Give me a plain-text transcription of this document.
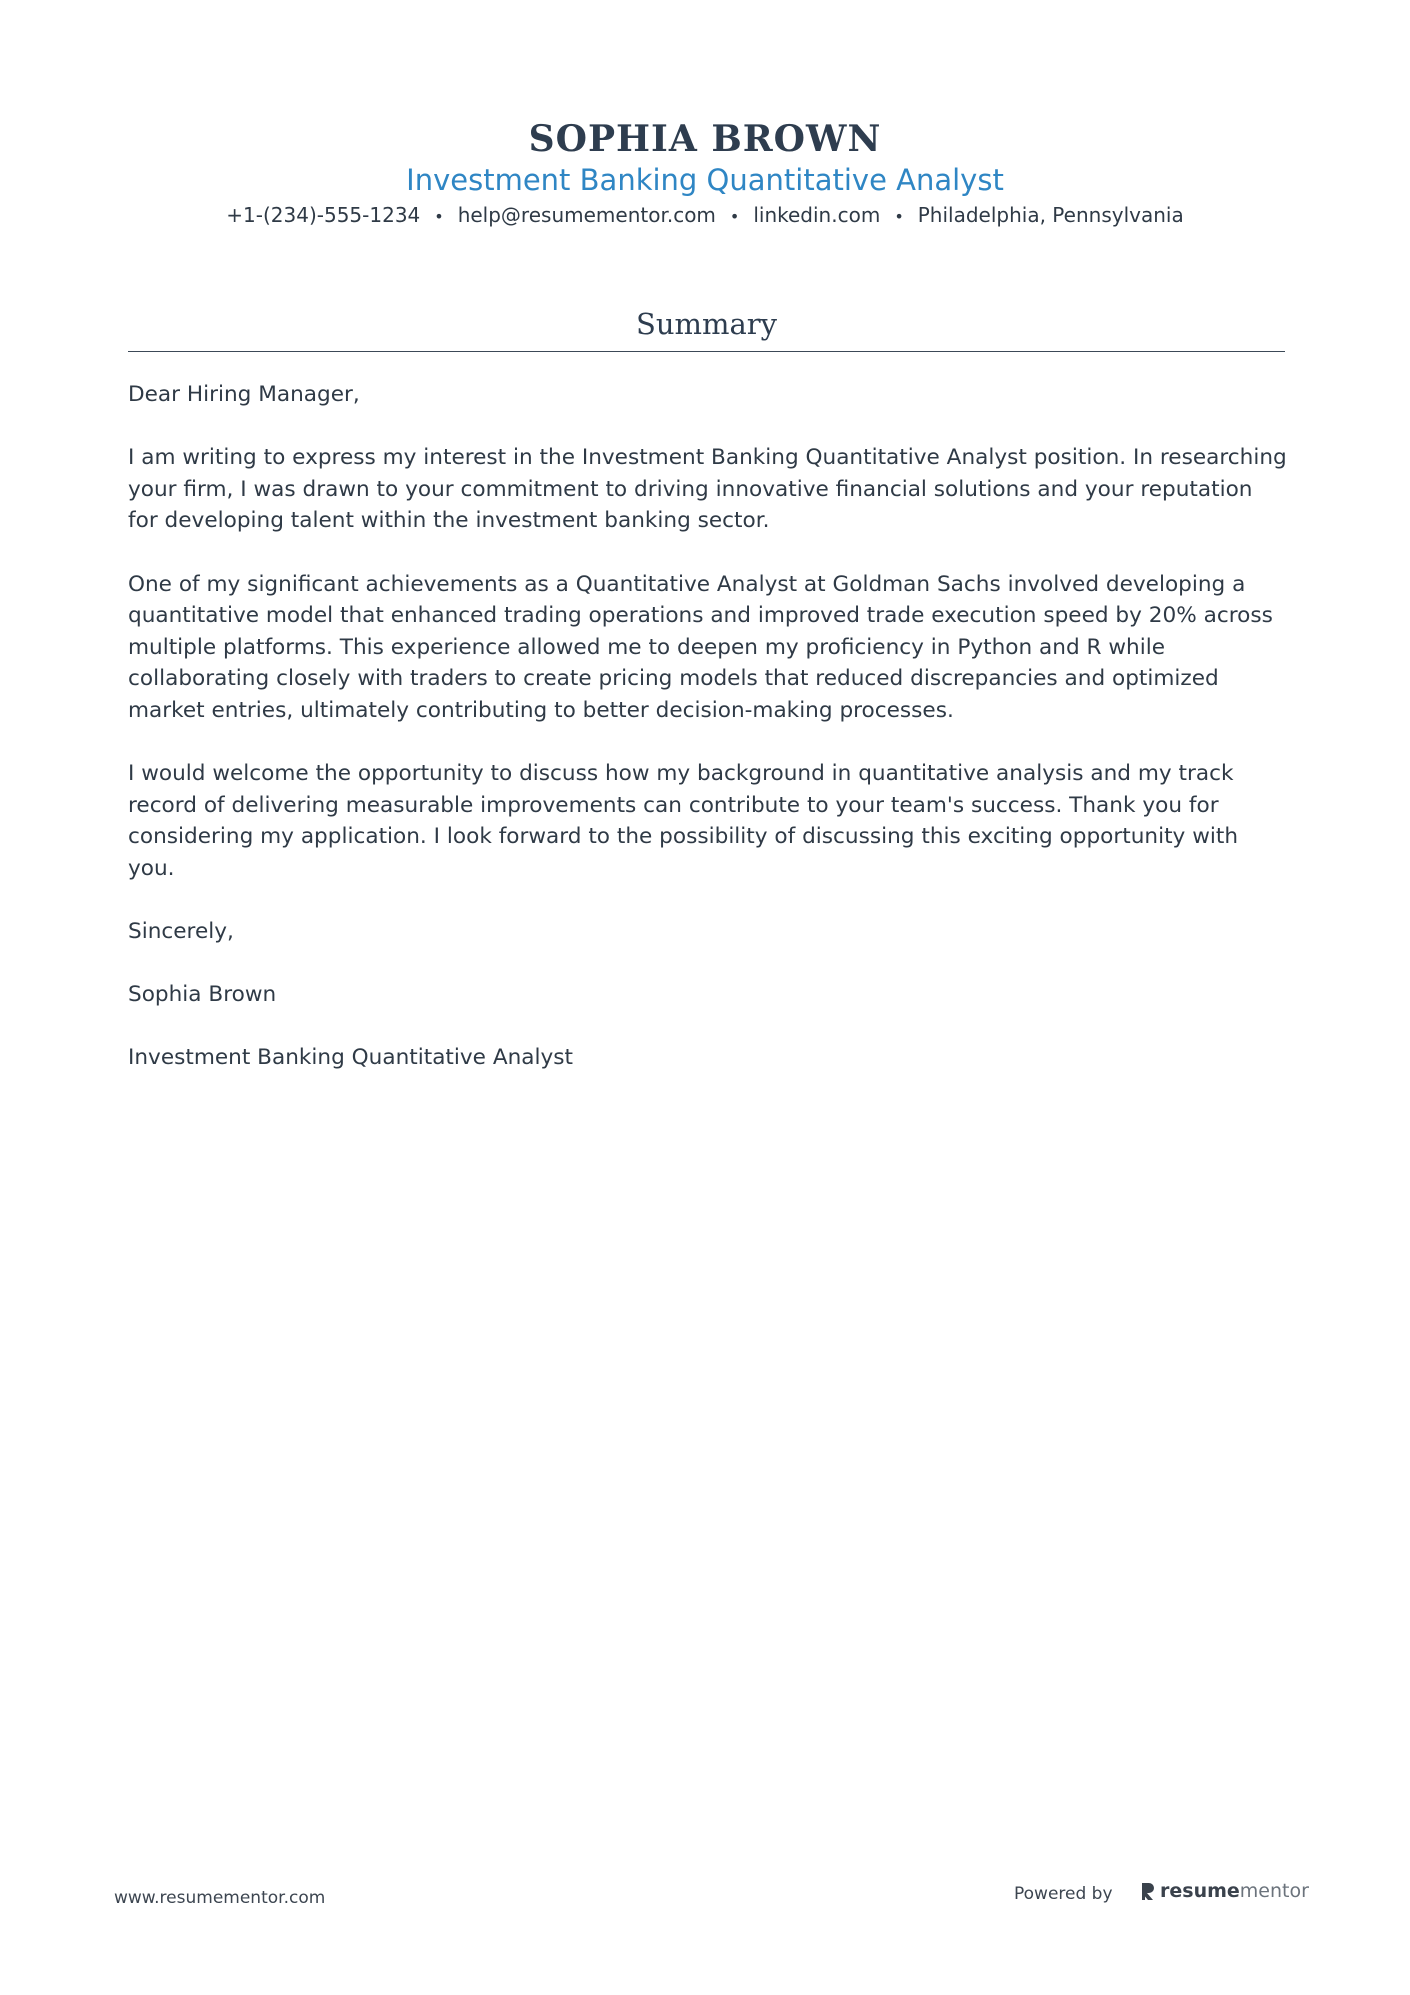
SOPHIA BROWN
Investment Banking Quantitative Analyst
+1-(234)-555-1234 • help@resumementor.com • linkedin.com • Philadelphia, Pennsylvania
Summary

Dear Hiring Manager,

I am writing to express my interest in the Investment Banking Quantitative Analyst position. In researching your firm, I was drawn to your commitment to driving innovative financial solutions and your reputation for developing talent within the investment banking sector.

One of my significant achievements as a Quantitative Analyst at Goldman Sachs involved developing a quantitative model that enhanced trading operations and improved trade execution speed by 20% across multiple platforms. This experience allowed me to deepen my proficiency in Python and R while collaborating closely with traders to create pricing models that reduced discrepancies and optimized market entries, ultimately contributing to better decision-making processes.

I would welcome the opportunity to discuss how my background in quantitative analysis and my track record of delivering measurable improvements can contribute to your team's success. Thank you for considering my application. I look forward to the possibility of discussing this exciting opportunity with you.

Sincerely,

Sophia Brown

Investment Banking Quantitative Analyst

www.resumementor.com	Powered by resume mentor
